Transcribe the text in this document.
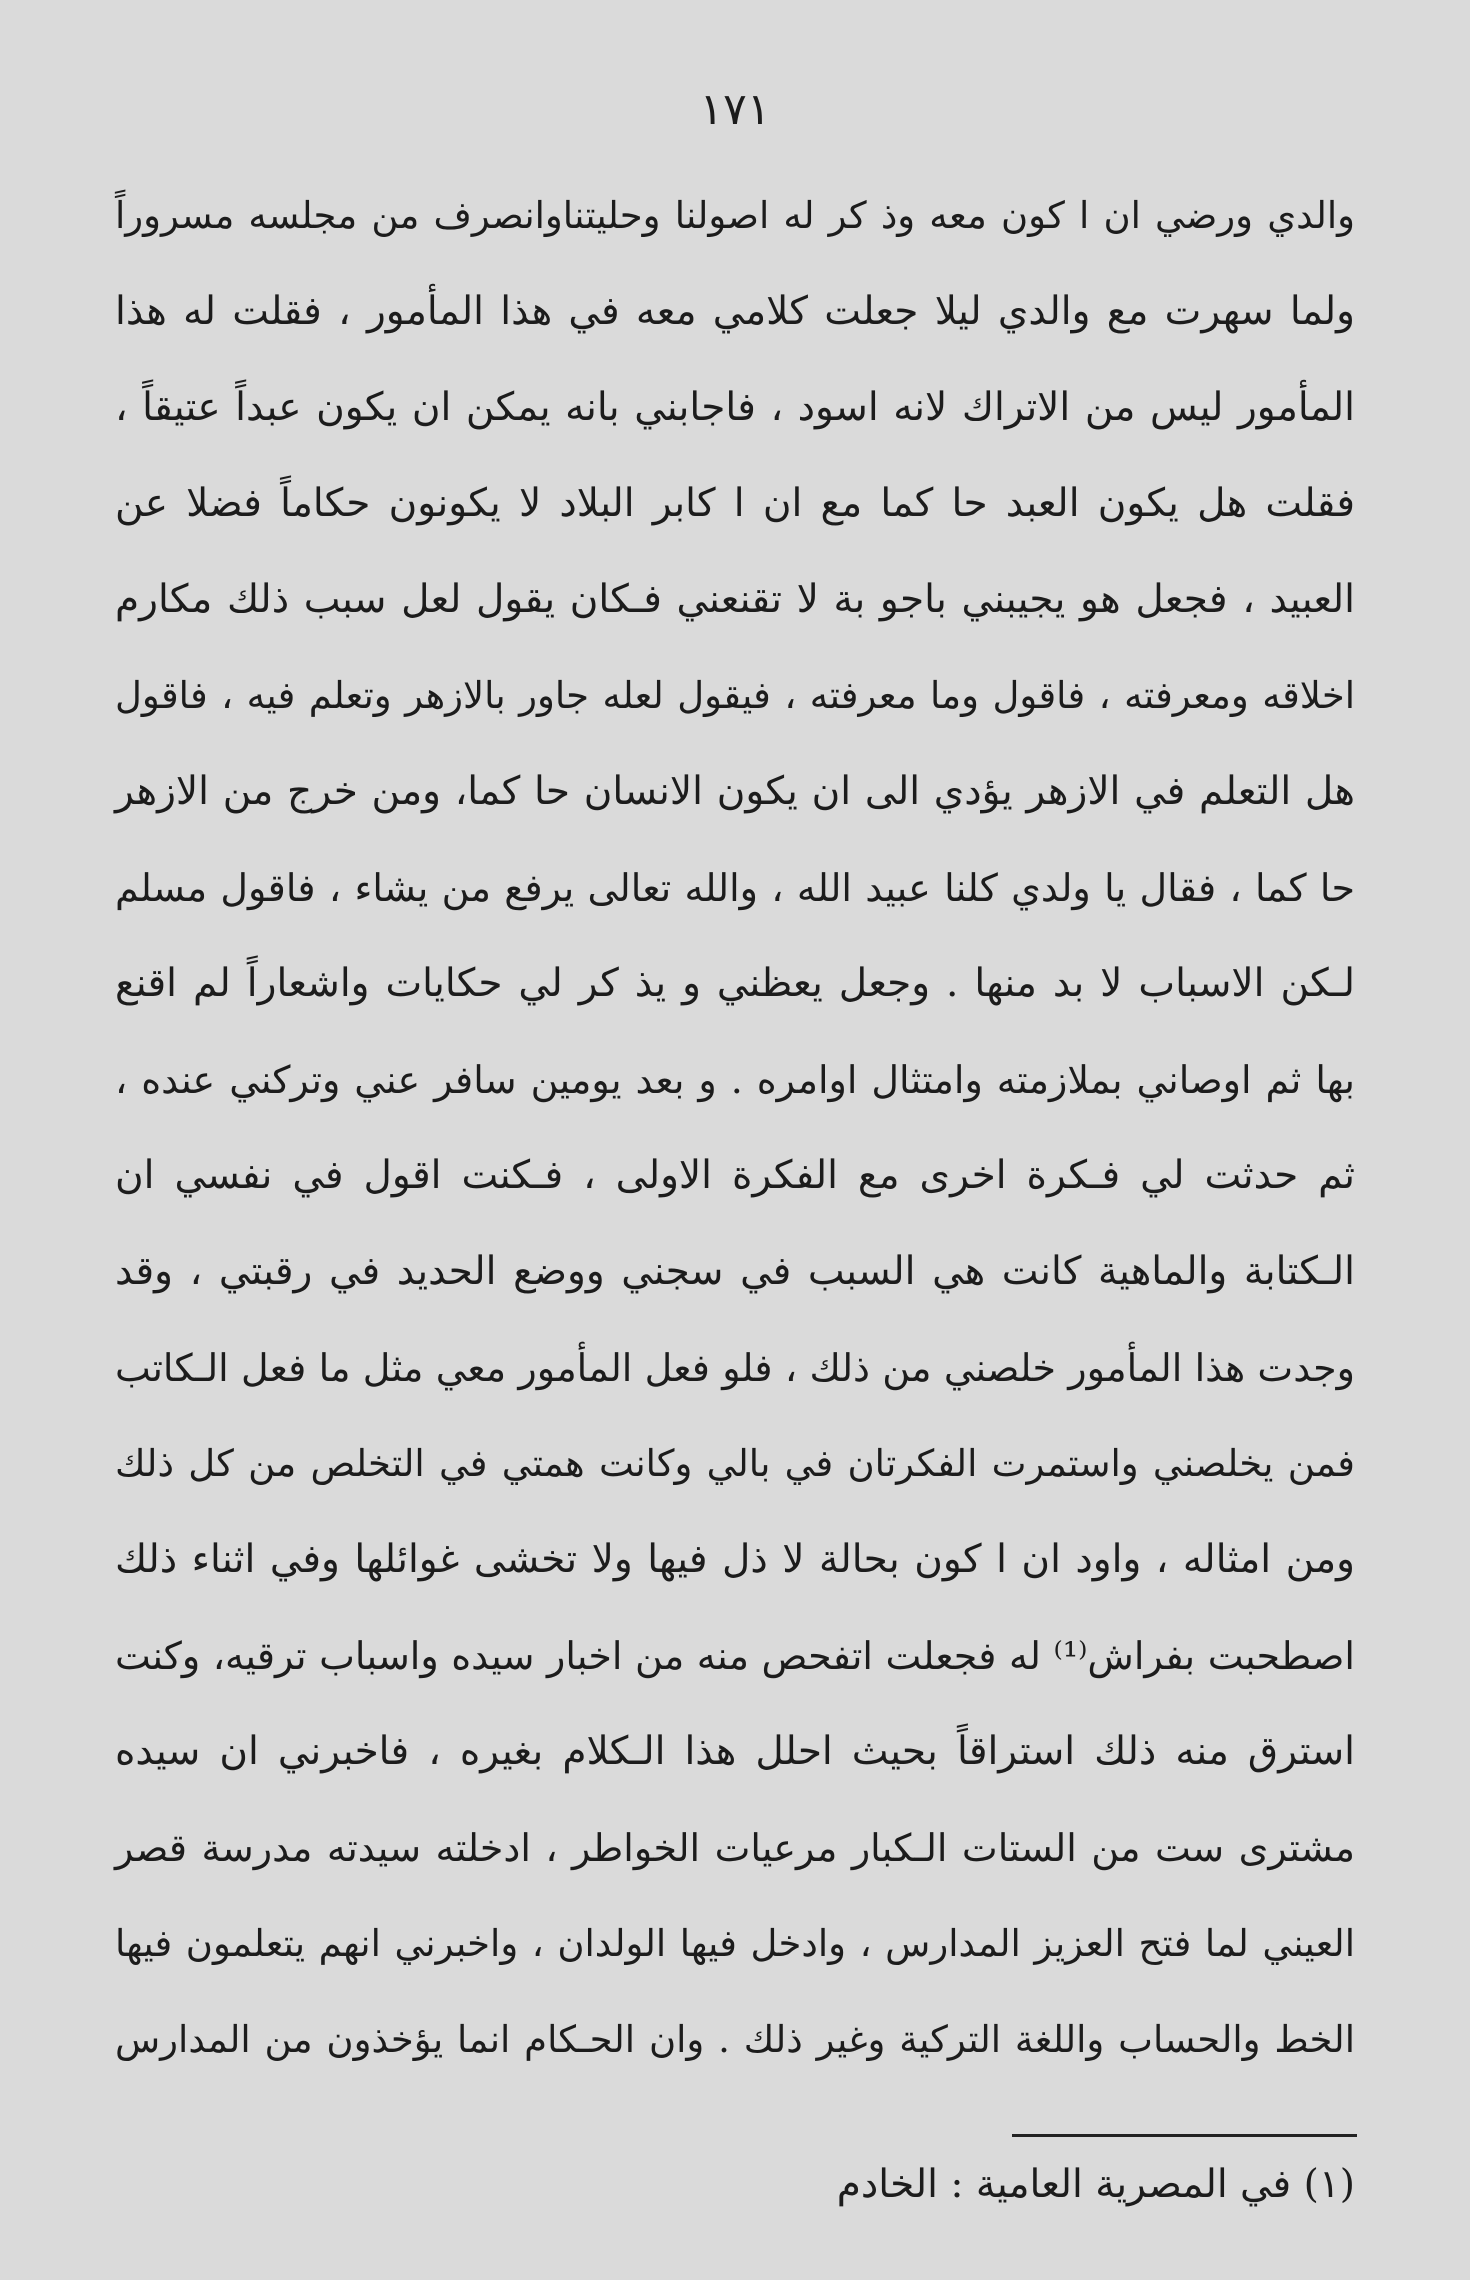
١٧١
والدي ورضي ان ا كون معه وذ كر له اصولنا وحليتناوانصرف من مجلسه مسروراً
ولما سهرت مع والدي ليلا جعلت كلامي معه في هذا المأمور ، فقلت له هذا
المأمور ليس من الاتراك لانه اسود ، فاجابني بانه يمكن ان يكون عبداً عتيقاً ،
فقلت هل يكون العبد حا كما مع ان ا كابر البلاد لا يكونون حكاماً فضلا عن
العبيد ، فجعل هو يجيبني باجو بة لا تقنعني فـكان يقول لعل سبب ذلك مكارم
اخلاقه ومعرفته ، فاقول وما معرفته ، فيقول لعله جاور بالازهر وتعلم فيه ، فاقول
هل التعلم في الازهر يؤدي الى ان يكون الانسان حا كما، ومن خرج من الازهر
حا كما ، فقال يا ولدي كلنا عبيد الله ، والله تعالى يرفع من يشاء ، فاقول مسلم
لـكن الاسباب لا بد منها . وجعل يعظني و يذ كر لي حكايات واشعاراً لم اقنع
بها ثم اوصاني بملازمته وامتثال اوامره . و بعد يومين سافر عني وتركني عنده ،
ثم حدثت لي فـكرة اخرى مع الفكرة الاولى ، فـكنت اقول في نفسي ان
الـكتابة والماهية كانت هي السبب في سجني ووضع الحديد في رقبتي ، وقد
وجدت هذا المأمور خلصني من ذلك ، فلو فعل المأمور معي مثل ما فعل الـكاتب
فمن يخلصني واستمرت الفكرتان في بالي وكانت همتي في التخلص من كل ذلك
ومن امثاله ، واود ان ا كون بحالة لا ذل فيها ولا تخشى غوائلها وفي اثناء ذلك
اصطحبت بفراش⁽¹⁾ له فجعلت اتفحص منه من اخبار سيده واسباب ترقيه، وكنت
استرق منه ذلك استراقاً بحيث احلل هذا الـكلام بغيره ، فاخبرني ان سيده
مشترى ست من الستات الـكبار مرعيات الخواطر ، ادخلته سيدته مدرسة قصر
العيني لما فتح العزيز المدارس ، وادخل فيها الولدان ، واخبرني انهم يتعلمون فيها
الخط والحساب واللغة التركية وغير ذلك . وان الحـكام انما يؤخذون من المدارس
(١) في المصرية العامية : الخادم
